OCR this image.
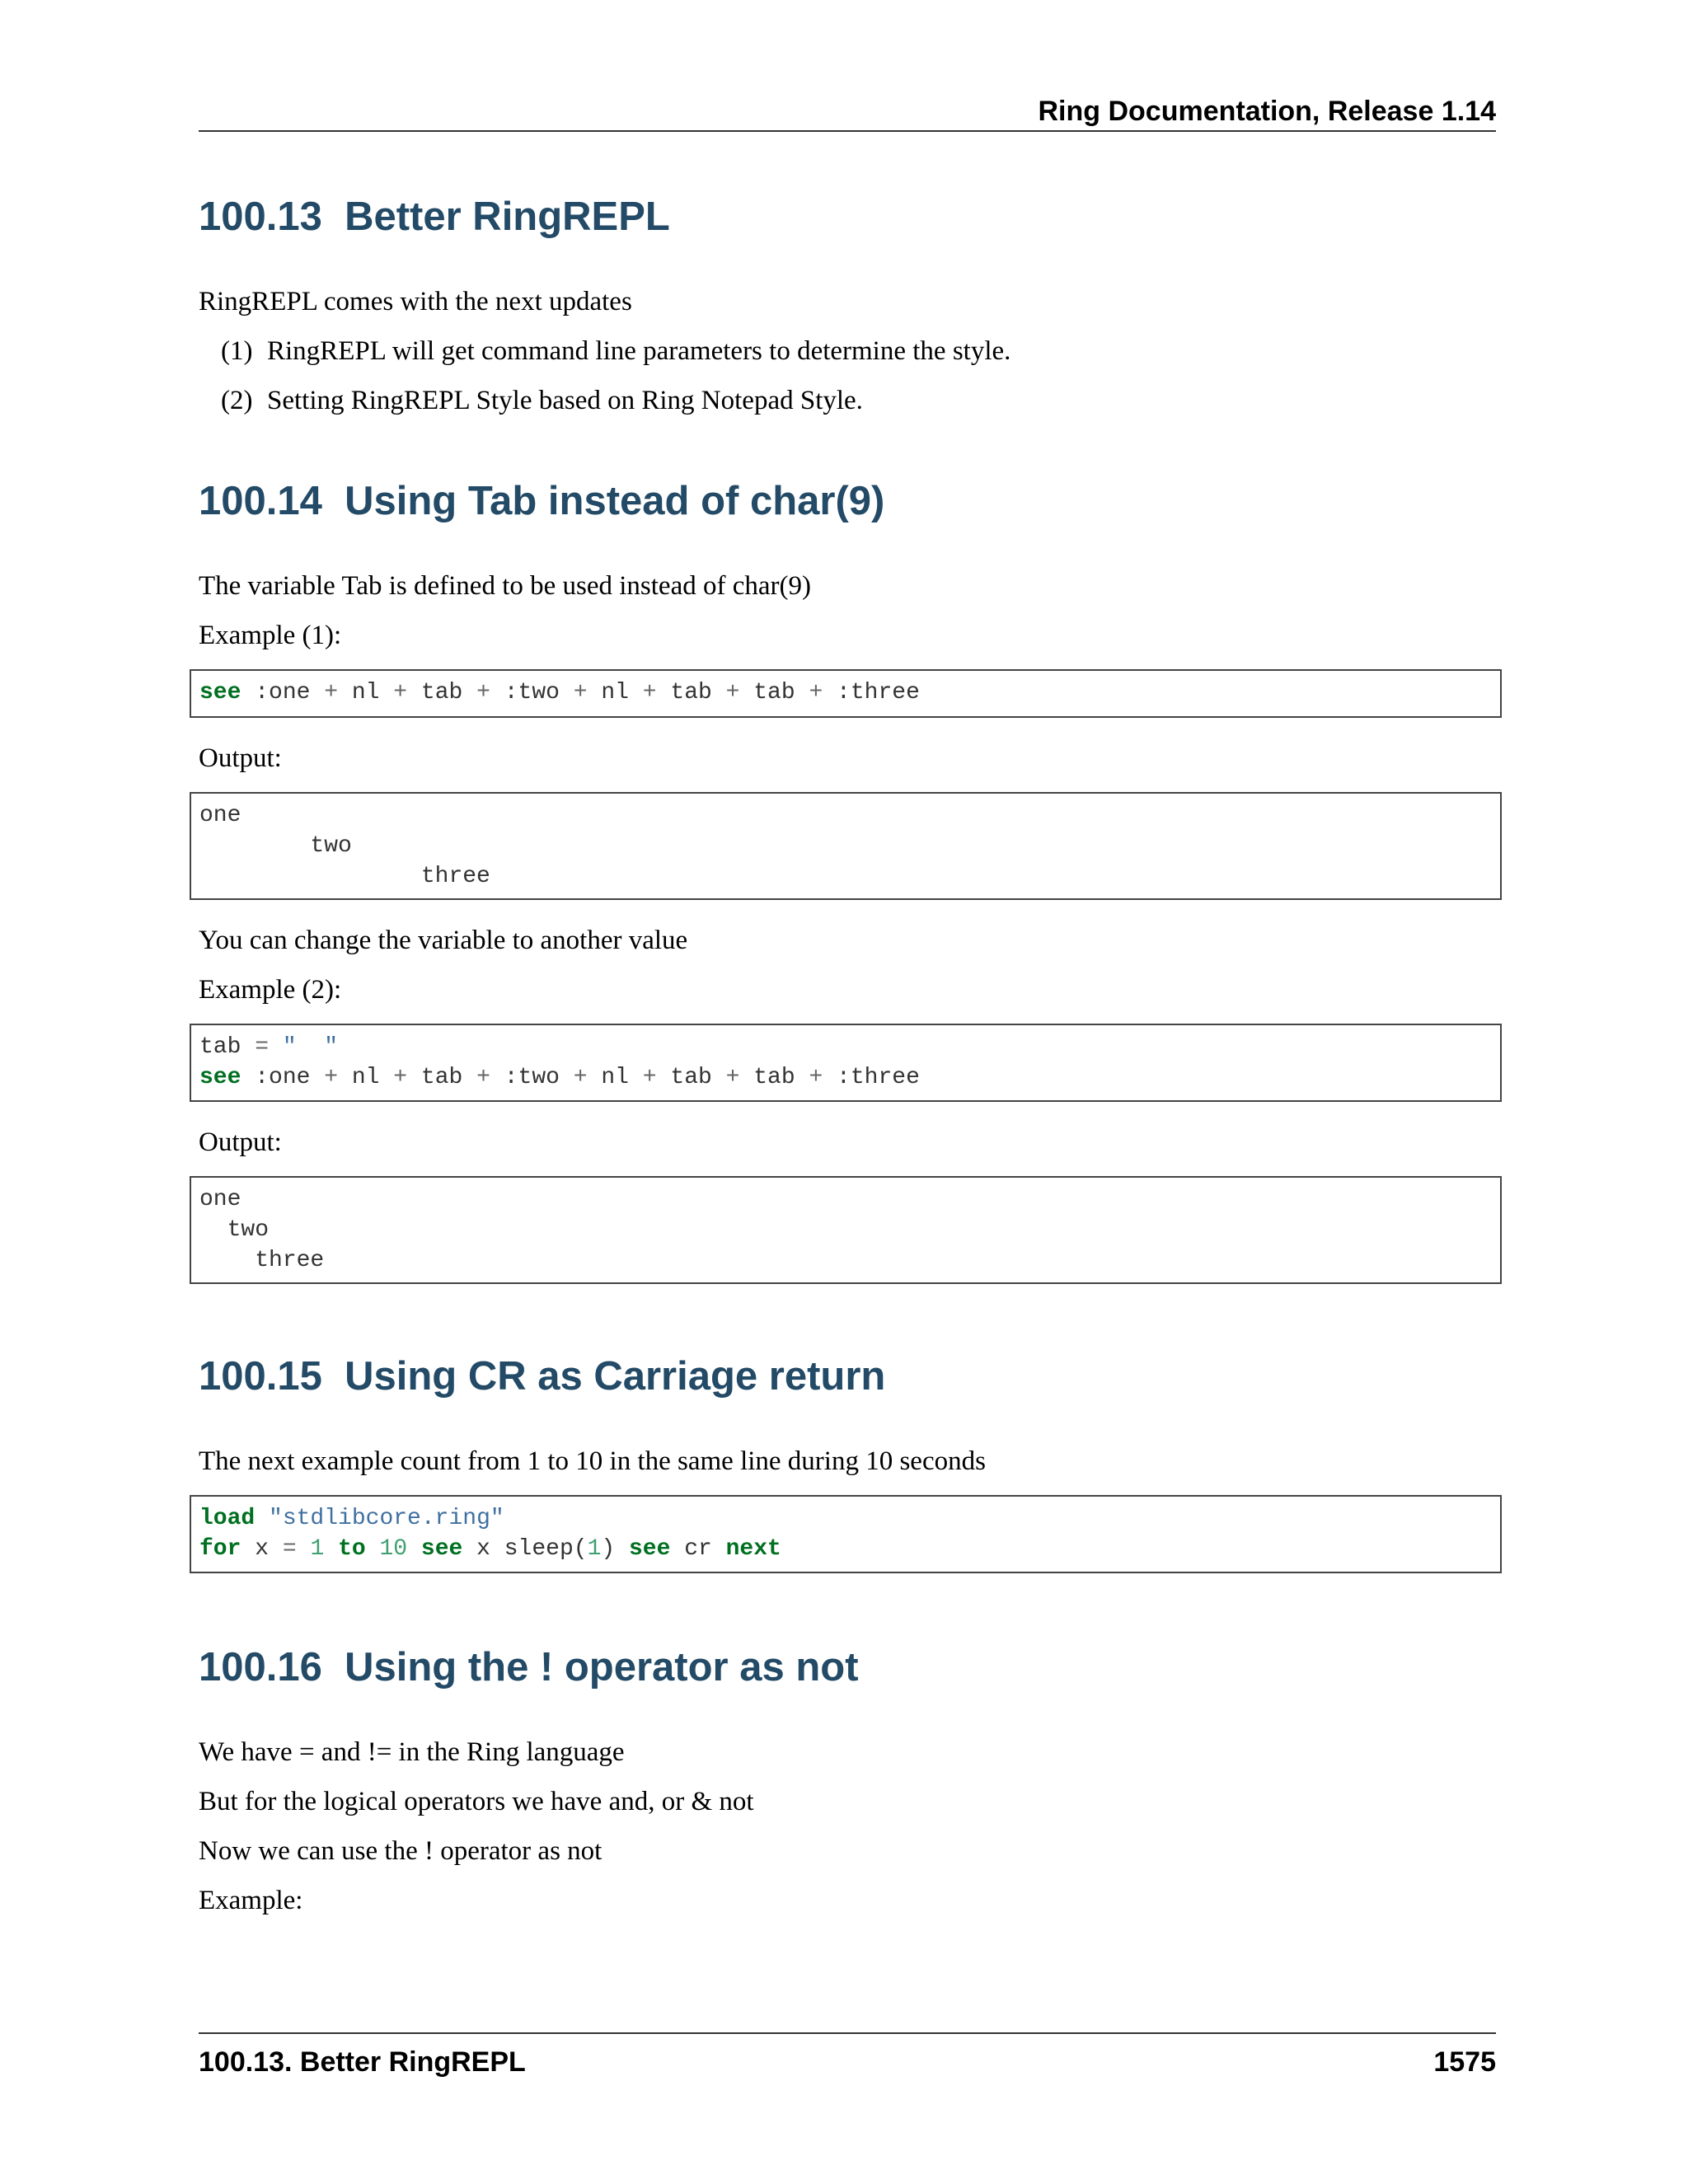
Ring Documentation, Release 1.14
100.13  Better RingREPL

RingREPL comes with the next updates

(1) RingREPL will get command line parameters to determine the style.

(2) Setting RingREPL Style based on Ring Notepad Style.

100.14  Using Tab instead of char(9)

The variable Tab is defined to be used instead of char(9)

Example (1):

see :one + nl + tab + :two + nl + tab + tab + :three

Output:

one
two
three

You can change the variable to another value

Example (2):

tab = "  "
see :one + nl + tab + :two + nl + tab + tab + :three

Output:

one
two
three
100.15  Using CR as Carriage return

The next example count from 1 to 10 in the same line during 10 seconds

load "stdlibcore.ring"
for x = 1 to 10 see x sleep(1) see cr next
100.16  Using the ! operator as not

We have = and != in the Ring language

But for the logical operators we have and, or & not

Now we can use the ! operator as not

Example:

100.13. Better RingREPL	1575
